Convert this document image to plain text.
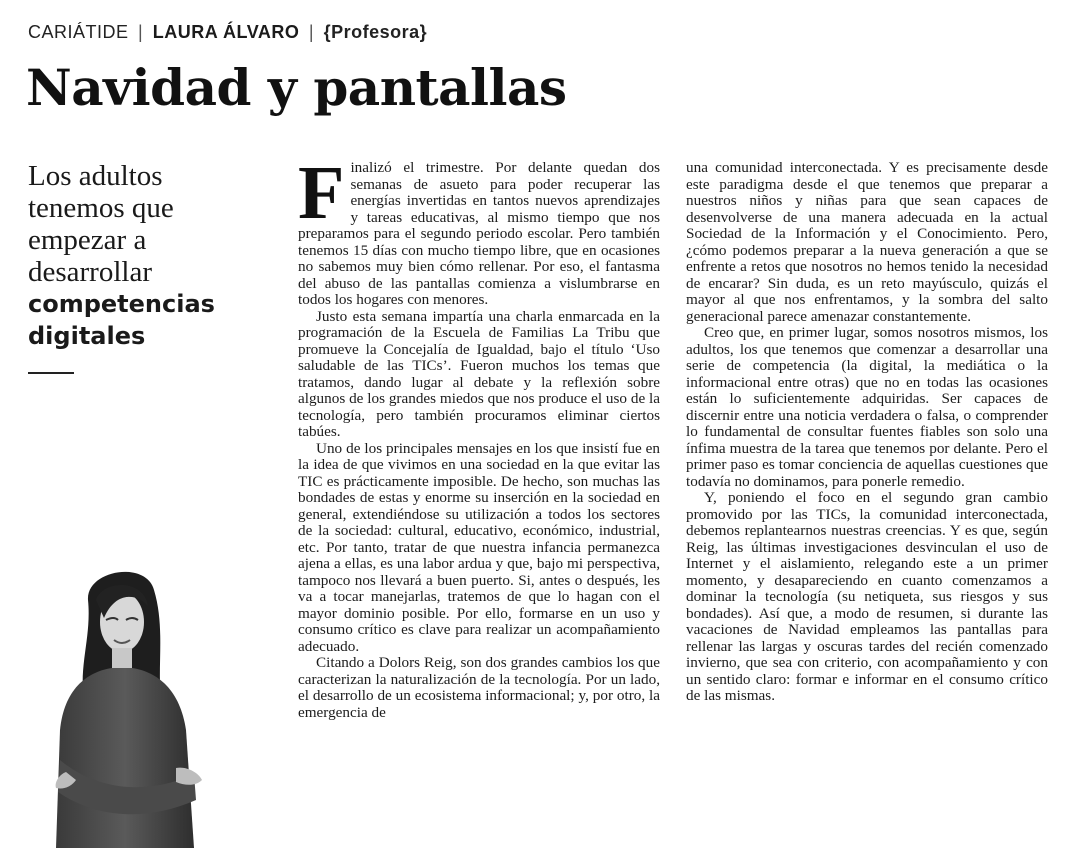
CARIÁTIDE | LAURA ÁLVARO | {Profesora}
Navidad y pantallas
Los adultos tenemos que empezar a desarrollar
competencias digitales

Finalizó el trimestre. Por delante quedan dos semanas de asueto para poder recuperar las energías invertidas en tantos nuevos aprendizajes y tareas educativas, al mismo tiempo que nos preparamos para el segundo periodo escolar. Pero también tenemos 15 días con mucho tiempo libre, que en ocasiones no sabemos muy bien cómo rellenar. Por eso, el fantasma del abuso de las pantallas comienza a vislumbrarse en todos los hogares con menores.

Justo esta semana impartía una charla enmarcada en la programación de la Escuela de Familias La Tribu que promueve la Concejalía de Igualdad, bajo el título ‘Uso saludable de las TICs’. Fueron muchos los temas que tratamos, dando lugar al debate y la reflexión sobre algunos de los grandes miedos que nos produce el uso de la tecnología, pero también procuramos eliminar ciertos tabúes.

Uno de los principales mensajes en los que insistí fue en la idea de que vivimos en una sociedad en la que evitar las TIC es prácticamente imposible. De hecho, son muchas las bondades de estas y enorme su inserción en la sociedad en general, extendiéndose su utilización a todos los sectores de la sociedad: cultural, educativo, económico, industrial, etc. Por tanto, tratar de que nuestra infancia permanezca ajena a ellas, es una labor ardua y que, bajo mi perspectiva, tampoco nos llevará a buen puerto. Si, antes o después, les va a tocar manejarlas, tratemos de que lo hagan con el mayor dominio posible. Por ello, formarse en un uso y consumo crítico es clave para realizar un acompañamiento adecuado.

Citando a Dolors Reig, son dos grandes cambios los que caracterizan la naturalización de la tecnología. Por un lado, el desarrollo de un ecosistema informacional; y, por otro, la emergencia de

una comunidad interconectada. Y es precisamente desde este paradigma desde el que tenemos que preparar a nuestros niños y niñas para que sean capaces de desenvolverse de una manera adecuada en la actual Sociedad de la Información y el Conocimiento. Pero, ¿cómo podemos preparar a la nueva generación a que se enfrente a retos que nosotros no hemos tenido la necesidad de encarar? Sin duda, es un reto mayúsculo, quizás el mayor al que nos enfrentamos, y la sombra del salto generacional parece amenazar constantemente.

Creo que, en primer lugar, somos nosotros mismos, los adultos, los que tenemos que comenzar a desarrollar una serie de competencia (la digital, la mediática o la informacional entre otras) que no en todas las ocasiones están lo suficientemente adquiridas. Ser capaces de discernir entre una noticia verdadera o falsa, o comprender lo fundamental de consultar fuentes fiables son solo una ínfima muestra de la tarea que tenemos por delante. Pero el primer paso es tomar conciencia de aquellas cuestiones que todavía no dominamos, para ponerle remedio.

Y, poniendo el foco en el segundo gran cambio promovido por las TICs, la comunidad interconectada, debemos replantearnos nuestras creencias. Y es que, según Reig, las últimas investigaciones desvinculan el uso de Internet y el aislamiento, relegando este a un primer momento, y desapareciendo en cuanto comenzamos a dominar la tecnología (su netiqueta, sus riesgos y sus bondades). Así que, a modo de resumen, si durante las vacaciones de Navidad empleamos las pantallas para rellenar las largas y oscuras tardes del recién comenzado invierno, que sea con criterio, con acompañamiento y con un sentido claro: formar e informar en el consumo crítico de las mismas.
